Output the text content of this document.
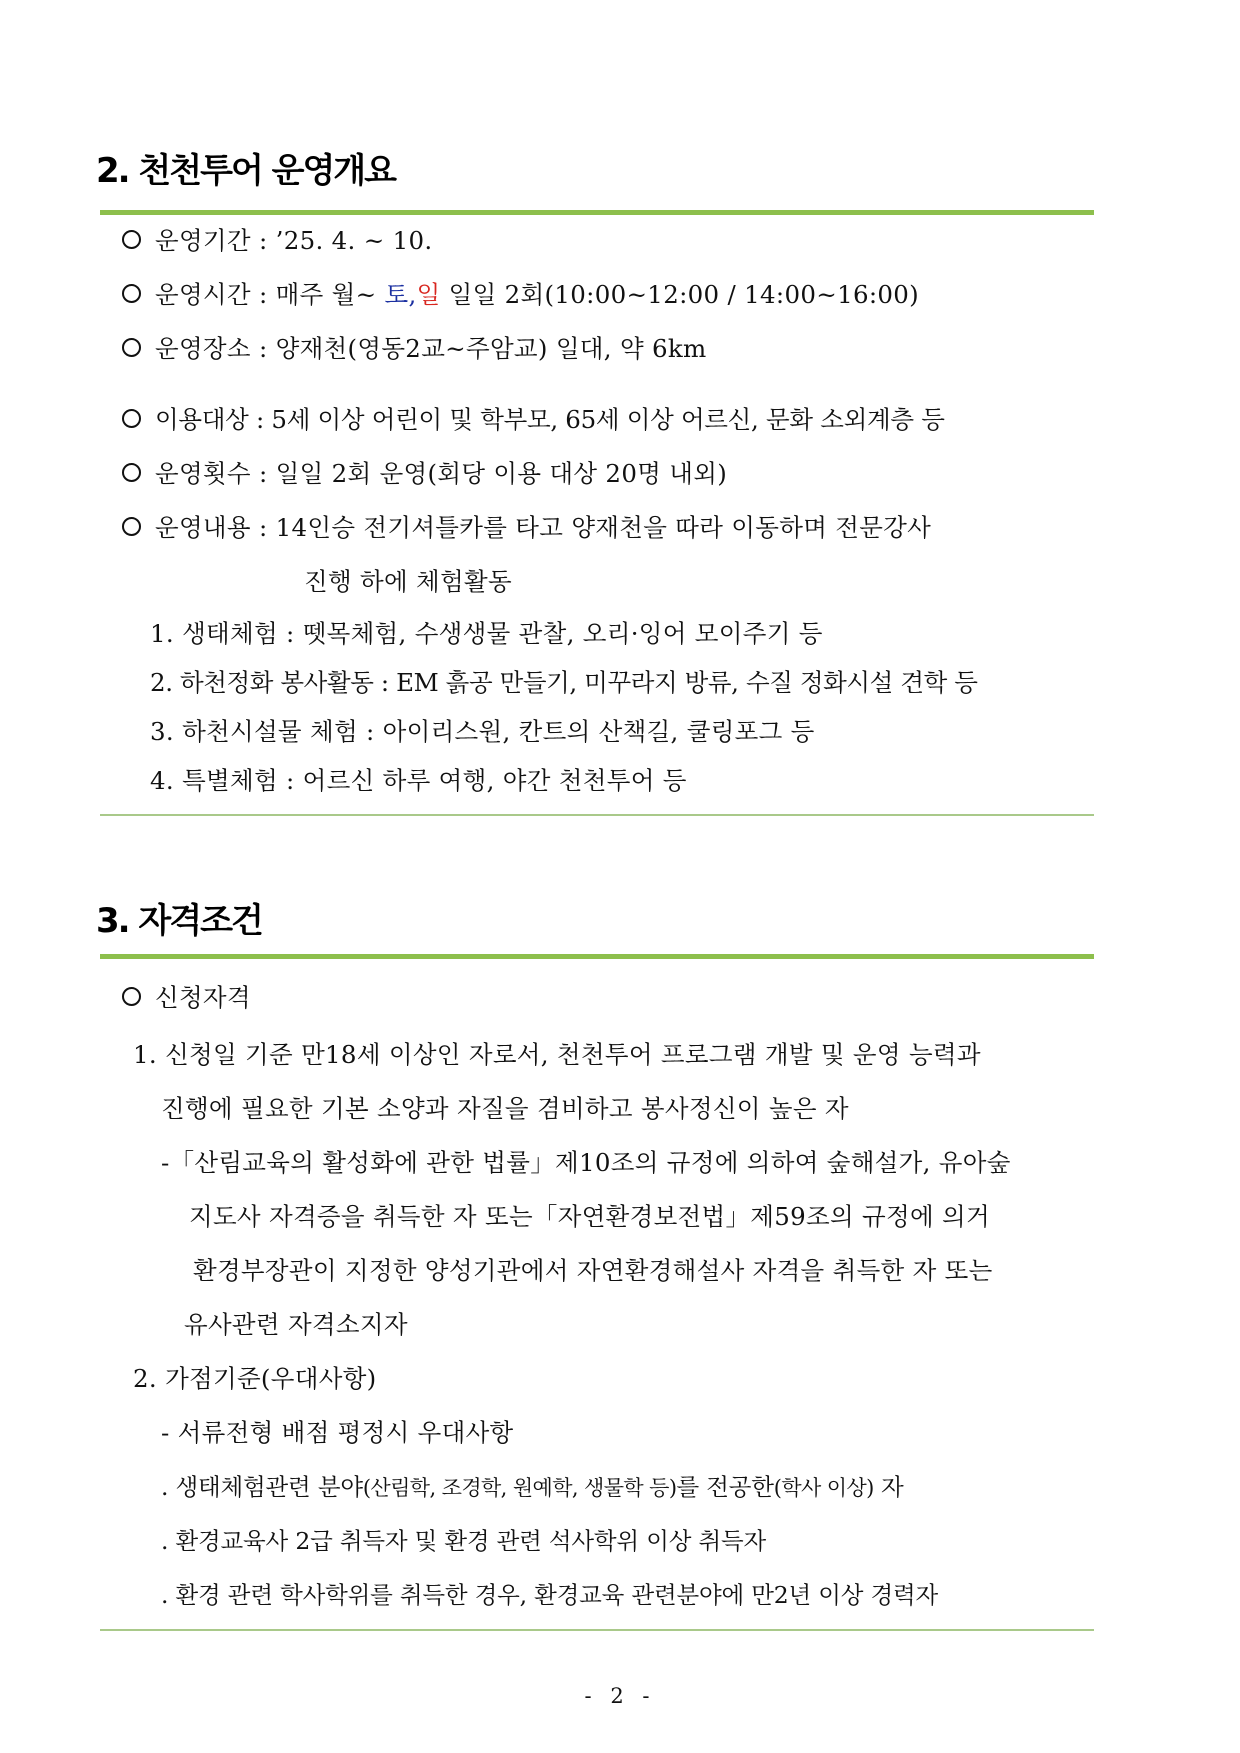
2. 천천투어 운영개요
운영기간 : ’25. 4. ~ 10.
운영시간 : 매주 월~ 토,일 일일 2회(10:00~12:00 / 14:00~16:00)
운영장소 : 양재천(영동2교~주암교) 일대, 약 6km
이용대상 : 5세 이상 어린이 및 학부모, 65세 이상 어르신, 문화 소외계층 등
운영횟수 : 일일 2회 운영(회당 이용 대상 20명 내외)
운영내용 : 14인승 전기셔틀카를 타고 양재천을 따라 이동하며 전문강사
진행 하에 체험활동
1. 생태체험 : 뗏목체험, 수생생물 관찰, 오리·잉어 모이주기 등
2. 하천정화 봉사활동 : EM 흙공 만들기, 미꾸라지 방류, 수질 정화시설 견학 등
3. 하천시설물 체험 : 아이리스원, 칸트의 산책길, 쿨링포그 등
4. 특별체험 : 어르신 하루 여행, 야간 천천투어 등
3. 자격조건
신청자격
1. 신청일 기준 만18세 이상인 자로서, 천천투어 프로그램 개발 및 운영 능력과
진행에 필요한 기본 소양과 자질을 겸비하고 봉사정신이 높은 자
-「산림교육의 활성화에 관한 법률」제10조의 규정에 의하여 숲해설가, 유아숲
지도사 자격증을 취득한 자 또는「자연환경보전법」제59조의 규정에 의거
환경부장관이 지정한 양성기관에서 자연환경해설사 자격을 취득한 자 또는
유사관련 자격소지자
2. 가점기준(우대사항)
- 서류전형 배점 평정시 우대사항
. 생태체험관련 분야(산림학, 조경학, 원예학, 생물학 등)를 전공한(학사 이상) 자
. 환경교육사 2급 취득자 및 환경 관련 석사학위 이상 취득자
. 환경 관련 학사학위를 취득한 경우, 환경교육 관련분야에 만2년 이상 경력자
- 2 -
